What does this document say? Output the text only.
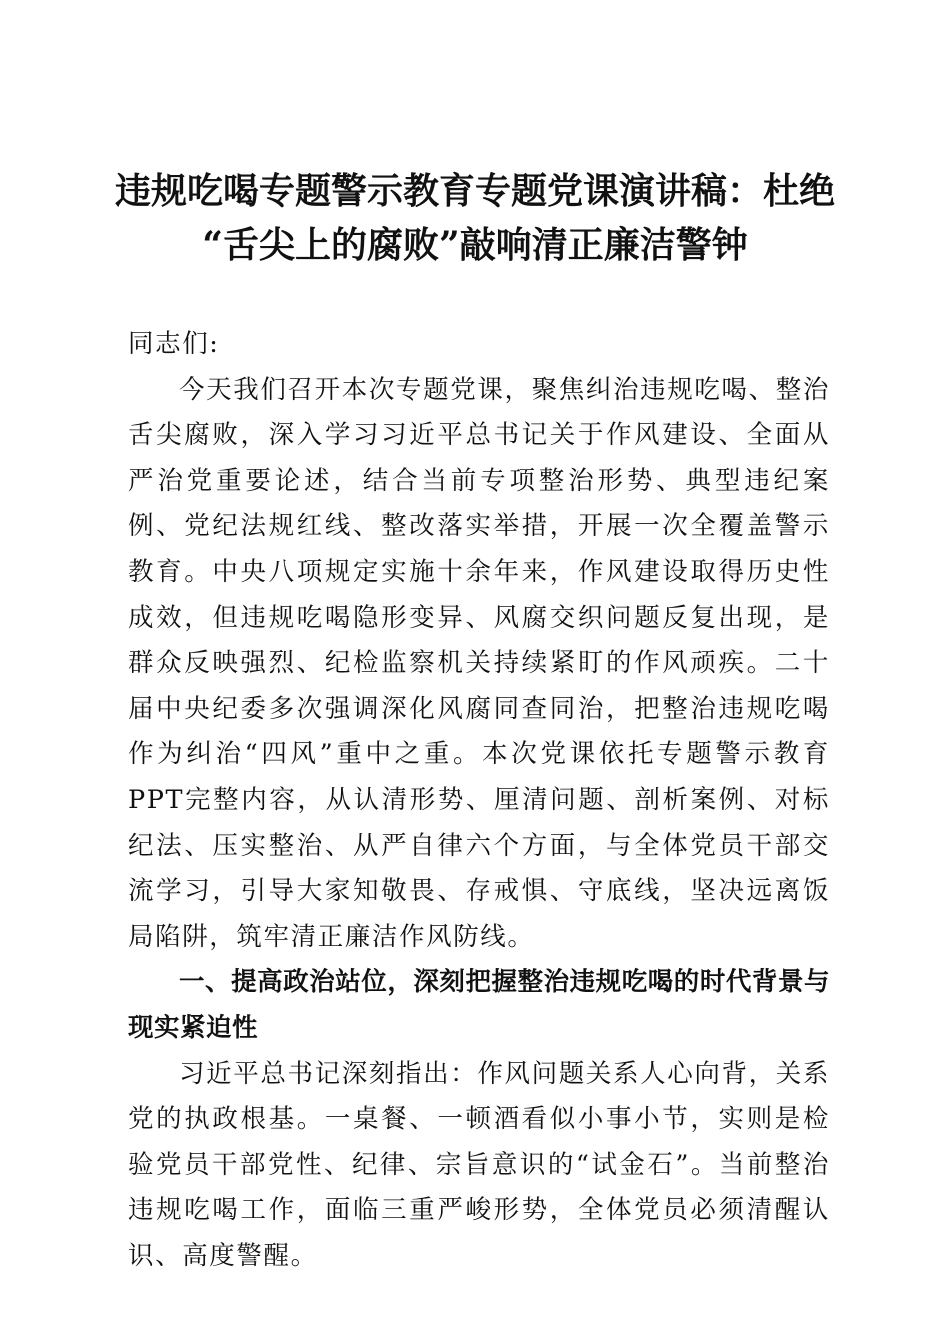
违规吃喝专题警示教育专题党课演讲稿：杜绝
“舌尖上的腐败”敲响清正廉洁警钟

同志们:

今天我们召开本次专题党课，聚焦纠治违规吃喝、整治舌尖腐败，深入学习习近平总书记关于作风建设、全面从严治党重要论述，结合当前专项整治形势、典型违纪案例、党纪法规红线、整改落实举措，开展一次全覆盖警示教育。中央八项规定实施十余年来，作风建设取得历史性成效，但违规吃喝隐形变异、风腐交织问题反复出现，是群众反映强烈、纪检监察机关持续紧盯的作风顽疾。二十届中央纪委多次强调深化风腐同查同治，把整治违规吃喝作为纠治“四风”重中之重。本次党课依托专题警示教育PPT完整内容，从认清形势、厘清问题、剖析案例、对标纪法、压实整治、从严自律六个方面，与全体党员干部交流学习，引导大家知敬畏、存戒惧、守底线，坚决远离饭局陷阱，筑牢清正廉洁作风防线。

一、提高政治站位，深刻把握整治违规吃喝的时代背景与现实紧迫性

习近平总书记深刻指出：作风问题关系人心向背，关系党的执政根基。一桌餐、一顿酒看似小事小节，实则是检验党员干部党性、纪律、宗旨意识的“试金石”。当前整治违规吃喝工作，面临三重严峻形势，全体党员必须清醒认识、高度警醒。
